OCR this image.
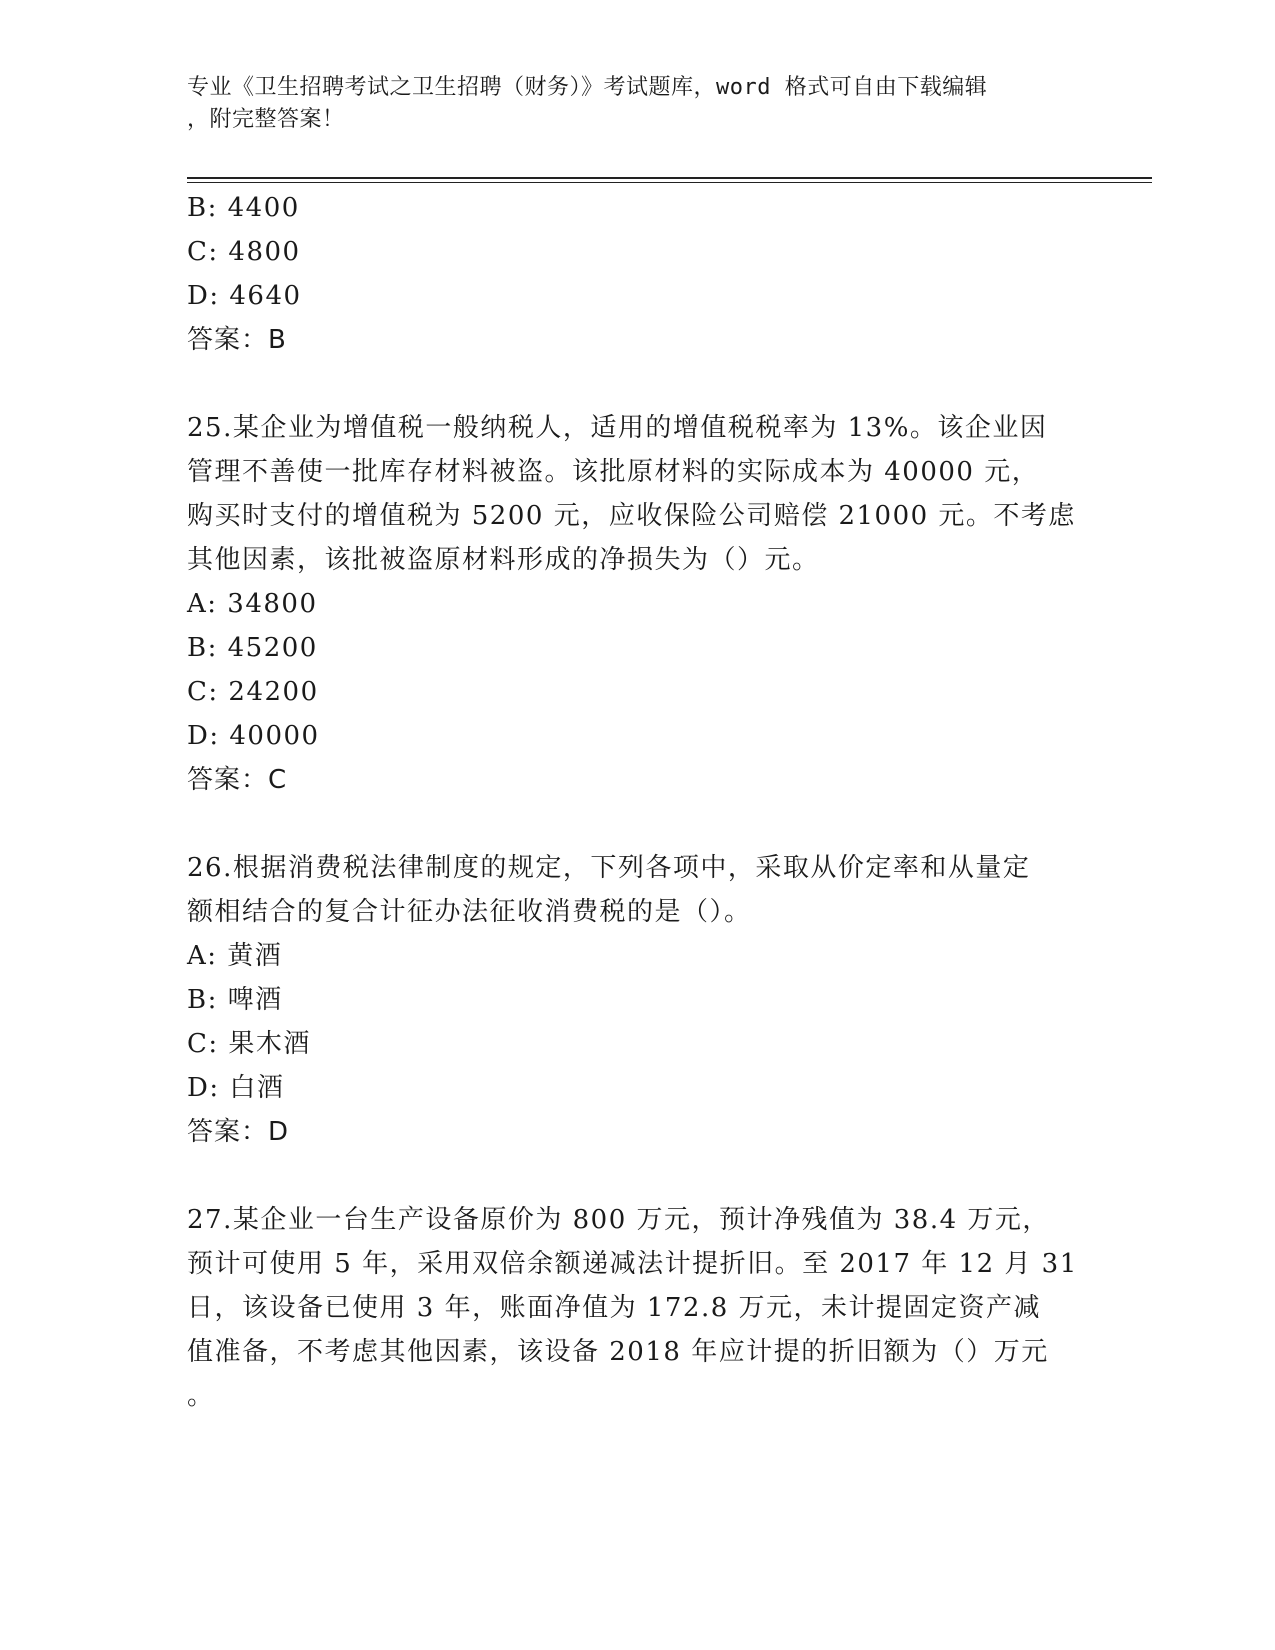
专业《卫生招聘考试之卫生招聘（财务）》考试题库，word 格式可自由下载编辑
，附完整答案！
B: 4400
C: 4800
D: 4640
答案：B
25.某企业为增值税一般纳税人，适用的增值税税率为 13%。该企业因
管理不善使一批库存材料被盗。该批原材料的实际成本为 40000 元，
购买时支付的增值税为 5200 元，应收保险公司赔偿 21000 元。不考虑
其他因素，该批被盗原材料形成的净损失为（）元。
A: 34800
B: 45200
C: 24200
D: 40000
答案：C
26.根据消费税法律制度的规定，下列各项中，采取从价定率和从量定
额相结合的复合计征办法征收消费税的是（）。
A: 黄酒
B: 啤酒
C: 果木酒
D: 白酒
答案：D
27.某企业一台生产设备原价为 800 万元，预计净残值为 38.4 万元，
预计可使用 5 年，采用双倍余额递减法计提折旧。至 2017 年 12 月 31
日，该设备已使用 3 年，账面净值为 172.8 万元，未计提固定资产减
值准备，不考虑其他因素，该设备 2018 年应计提的折旧额为（）万元
。
